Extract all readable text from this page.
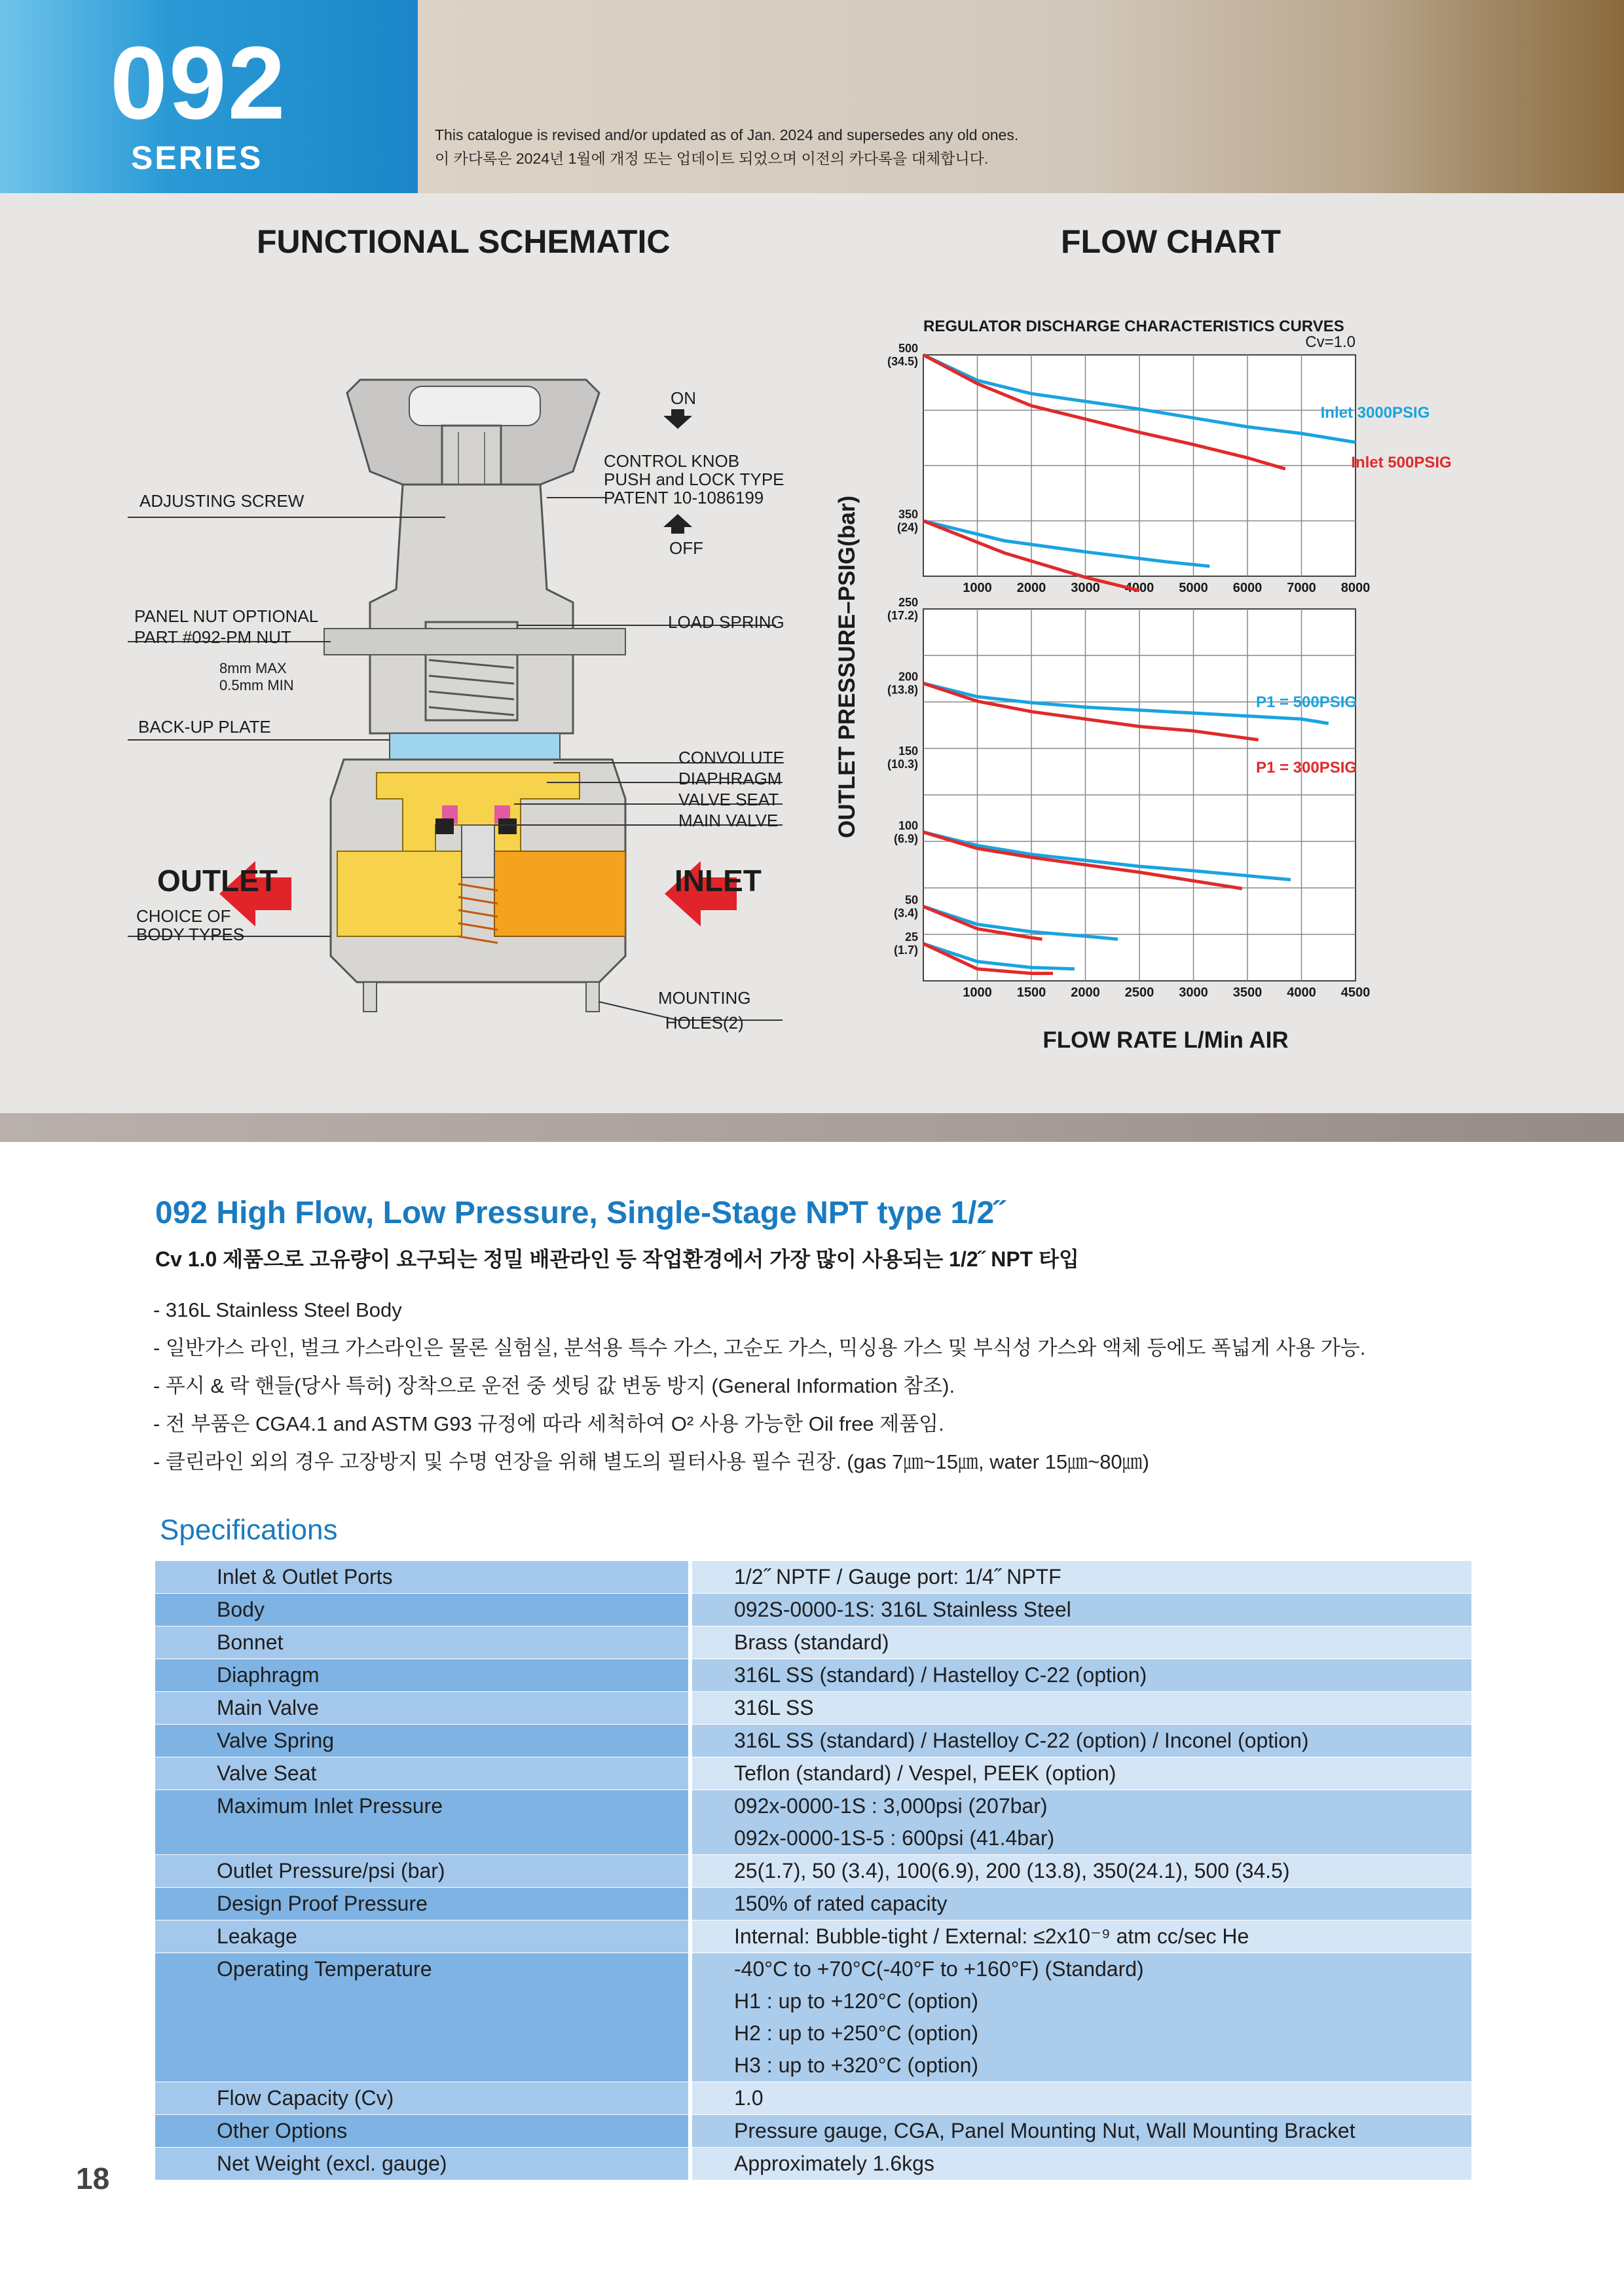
092
SERIES
This catalogue is revised and/or updated as of Jan. 2024 and supersedes any old ones.
이 카다록은 2024년 1월에 개정 또는 업데이트 되었으며 이전의 카다록을 대체합니다.
FUNCTIONAL SCHEMATIC	FLOW CHART
ON
CONTROL KNOB
PUSH and LOCK TYPE
PATENT 10-1086199
OFF
ADJUSTING SCREW
PANEL NUT OPTIONAL
PART #092-PM NUT
8mm MAX
0.5mm MIN
LOAD SPRING
BACK-UP PLATE
CONVOLUTE
DIAPHRAGM
VALVE SEAT
MAIN VALVE
OUTLET	INLET
CHOICE OF
BODY TYPES
MOUNTING
HOLES(2)
OUTLET PRESSURE–PSIG(bar)
FLOW RATE L/Min AIR
REGULATOR DISCHARGE CHARACTERISTICS CURVES
Cv=1.0
1000 2000 3000 4000 5000 6000 7000 8000
500
(34.5)
350
(24)
Inlet 3000PSIG
Inlet 500PSIG
1000 1500 2000 2500 3000 3500 4000 4500
250
(17.2)
200
(13.8)
150
(10.3)
100
(6.9)
50
(3.4)
25
(1.7)
P1 = 500PSIG
P1 = 300PSIG
092 High Flow, Low Pressure, Single-Stage NPT type 1/2˝
Cv 1.0 제품으로 고유량이 요구되는 정밀 배관라인 등 작업환경에서 가장 많이 사용되는 1/2˝ NPT 타입
- 316L Stainless Steel Body
- 일반가스 라인, 벌크 가스라인은 물론 실험실, 분석용 특수 가스, 고순도 가스, 믹싱용 가스 및 부식성 가스와 액체 등에도 폭넓게 사용 가능.
- 푸시 & 락 핸들(당사 특허) 장착으로 운전 중 셋팅 값 변동 방지 (General Information 참조).
- 전 부품은 CGA4.1 and ASTM G93 규정에 따라 세척하여 O² 사용 가능한 Oil free 제품임.
- 클린라인 외의 경우 고장방지 및 수명 연장을 위해 별도의 필터사용 필수 권장. (gas 7㎛~15㎛, water 15㎛~80㎛)
Specifications
Inlet & Outlet Ports	1/2˝ NPTF / Gauge port: 1/4˝ NPTF

Body	092S-0000-1S: 316L Stainless Steel

Bonnet	Brass (standard)

Diaphragm	316L SS (standard) / Hastelloy C-22 (option)

Main Valve	316L SS

Valve Spring	316L SS (standard) / Hastelloy C-22 (option) / Inconel (option)

Valve Seat	Teflon (standard) / Vespel, PEEK (option)

Maximum Inlet Pressure	092x-0000-1S : 3,000psi (207bar)
092x-0000-1S-5 : 600psi (41.4bar)

Outlet Pressure/psi (bar)	25(1.7), 50 (3.4), 100(6.9), 200 (13.8), 350(24.1), 500 (34.5)

Design Proof Pressure	150% of rated capacity

Leakage	Internal: Bubble-tight / External: ≤2x10⁻⁹ atm cc/sec He

Operating Temperature	-40°C to +70°C(-40°F to +160°F) (Standard)
H1 : up to +120°C (option)
H2 : up to +250°C (option)
H3 : up to +320°C (option)

Flow Capacity (Cv)	1.0

Other Options	Pressure gauge, CGA, Panel Mounting Nut, Wall Mounting Bracket

Net Weight (excl. gauge)	Approximately 1.6kgs
18
